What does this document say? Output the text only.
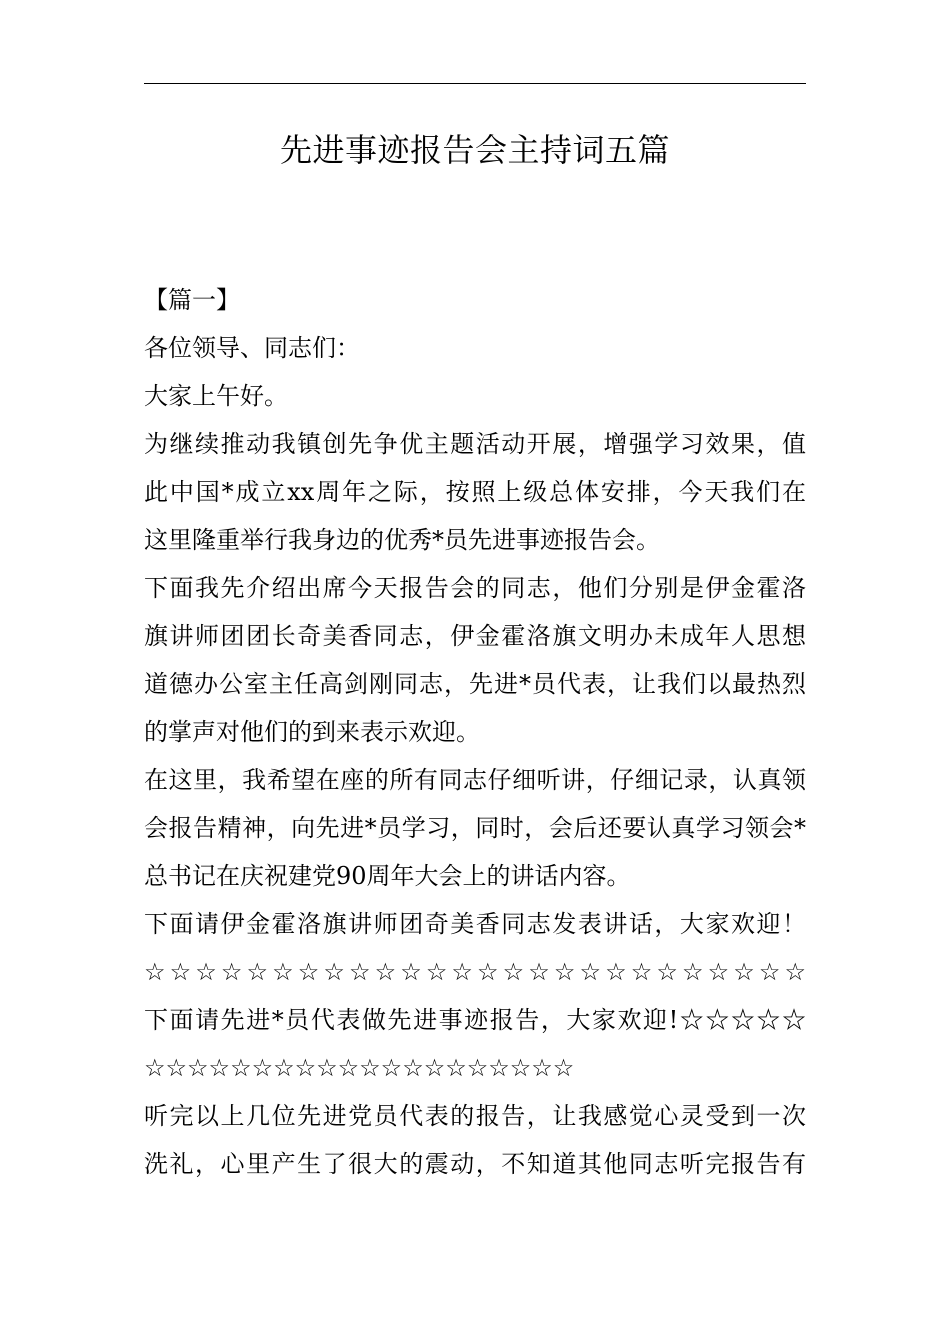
先进事迹报告会主持词五篇
【篇一】
各位领导、同志们：
大家上午好。
为继续推动我镇创先争优主题活动开展，增强学习效果，值
此中国*成立xx周年之际，按照上级总体安排，今天我们在
这里隆重举行我身边的优秀*员先进事迹报告会。
下面我先介绍出席今天报告会的同志，他们分别是伊金霍洛
旗讲师团团长奇美香同志，伊金霍洛旗文明办未成年人思想
道德办公室主任高剑刚同志，先进*员代表，让我们以最热烈
的掌声对他们的到来表示欢迎。
在这里，我希望在座的所有同志仔细听讲，仔细记录，认真领
会报告精神，向先进*员学习，同时，会后还要认真学习领会*
总书记在庆祝建党90周年大会上的讲话内容。
下面请伊金霍洛旗讲师团奇美香同志发表讲话，大家欢迎！
☆☆☆☆☆☆☆☆☆☆☆☆☆☆☆☆☆☆☆☆☆☆☆☆☆☆
下面请先进*员代表做先进事迹报告，大家欢迎!☆☆☆☆☆
☆☆☆☆☆☆☆☆☆☆☆☆☆☆☆☆☆☆☆☆
听完以上几位先进党员代表的报告，让我感觉心灵受到一次
洗礼，心里产生了很大的震动，不知道其他同志听完报告有
